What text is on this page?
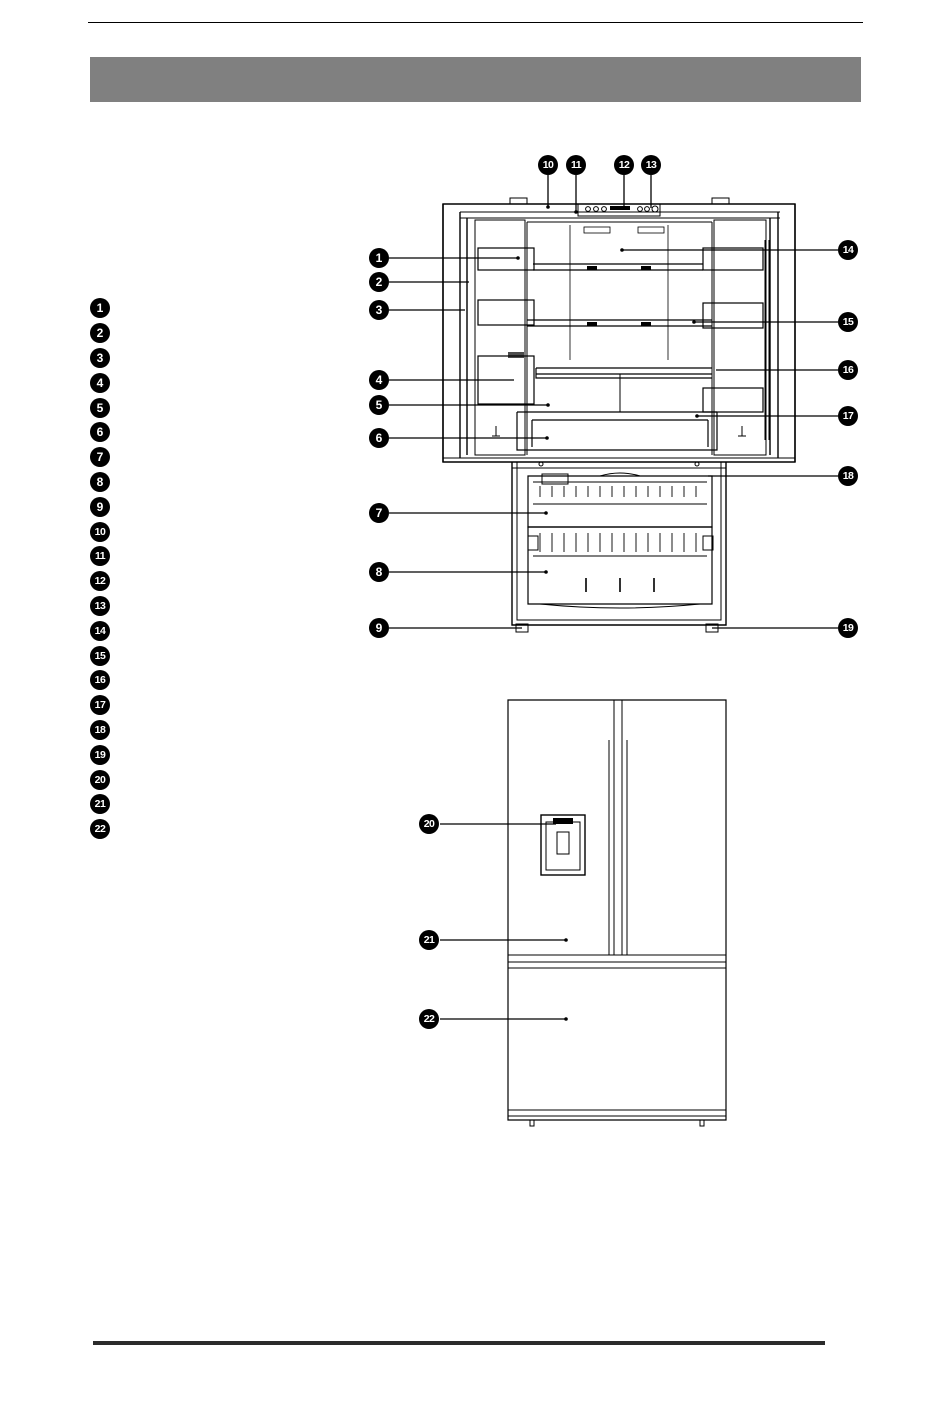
1
2
3
4
5
6
7
8
9
10
11
12
13
14
15
16
17
18
19
20
21
22
1
2
3
4
5
6
7
8
9
10 11	12 13
14
15
16
17
18
19
20
21
22
